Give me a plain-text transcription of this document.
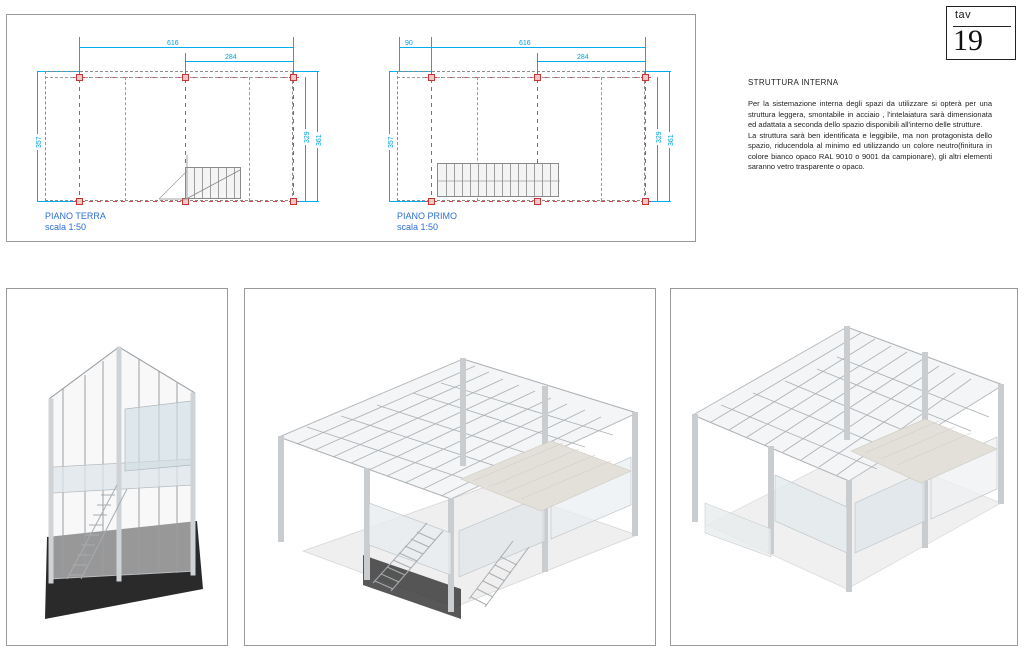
tav
19
616
284
357	329 361
PIANO TERRA
scala 1:50
90	616
284
357	329 361
PIANO PRIMO
scala 1:50
STRUTTURA INTERNA

Per la sistemazione interna degli spazi da utilizzare si opterà per una struttura leggera, smontabile in acciaio , l'intelaiatura sarà dimensionata ed adattata a seconda dello spazio disponibili all'interno delle strutture.

La struttura sarà ben identificata e leggibile, ma non protagonista dello spazio, riducendola al minimo ed utilizzando un colore neutro(finitura in colore bianco opaco RAL 9010 o 9001 da campionare), gli altri elementi saranno vetro trasparente o opaco.
